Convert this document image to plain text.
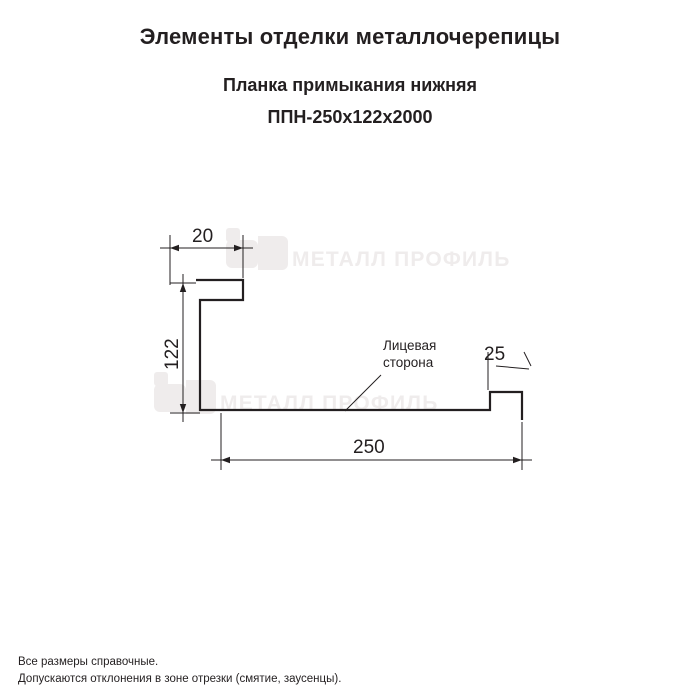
Элементы отделки металлочерепицы
Планка примыкания нижняя
ППН-250х122х2000
МЕТАЛЛ ПРОФИЛЬ
МЕТАЛЛ ПРОФИЛЬ
20
122
250
25
Лицевая
сторона
Все размеры справочные.
Допускаются отклонения в зоне отрезки (смятие, заусенцы).
